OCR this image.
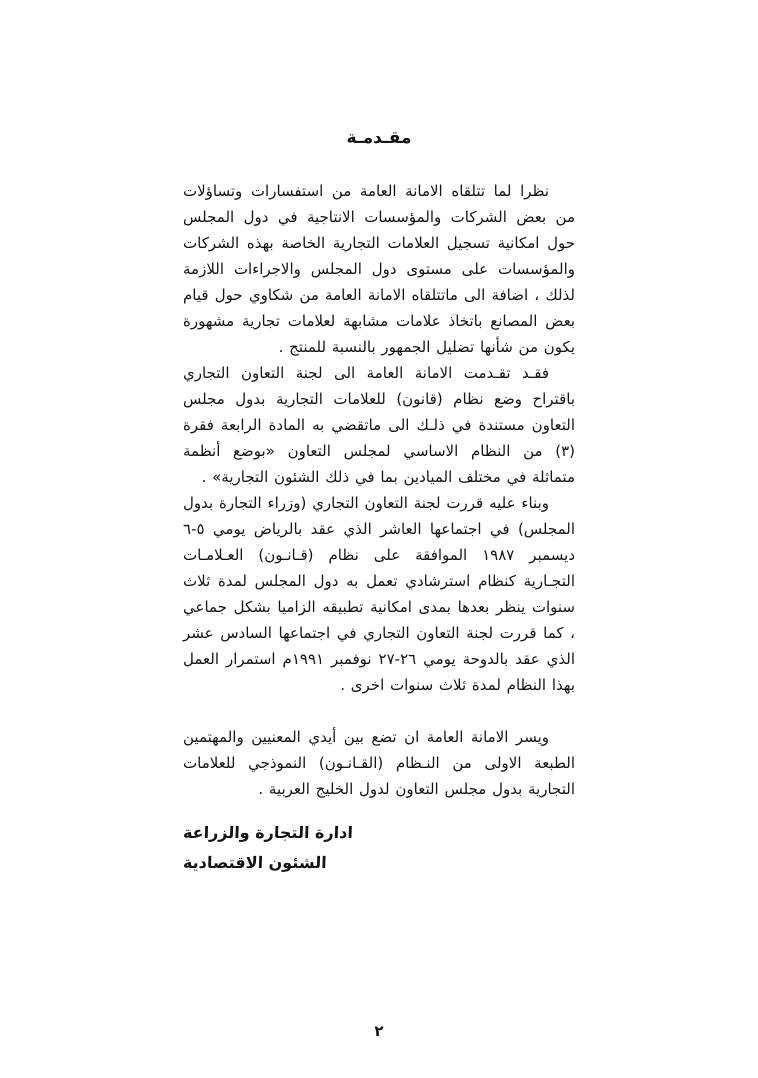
مقـدمـة

نظرا لما تتلقاه الامانة العامة من استفسارات وتساؤلات من بعض الشركات والمؤسسات الانتاجية في دول المجلس حول امكانية تسجيل العلامات التجارية الخاصة بهذه الشركات والمؤسسات على مستوى دول المجلس والاجراءات اللازمة لذلك ، اضافة الى ماتتلقاه الامانة العامة من شكاوي حول قيام بعض المصانع باتخاذ علامات مشابهة لعلامات تجارية مشهورة يكون من شأنها تضليل الجمهور بالنسبة للمنتج .

فقـد تقـدمت الامانة العامة الى لجنة التعاون التجاري باقتراح وضع نظام (قانون) للعلامات التجارية بدول مجلس التعاون مستندة في ذلـك الى ماتقضي به المادة الرابعة فقرة (٣) من النظام الاساسي لمجلس التعاون «بوضع أنظمة متماثلة في مختلف الميادين بما في ذلك الشئون التجارية» .

وبناء عليه قررت لجنة التعاون التجاري (وزراء التجارة بدول المجلس) في اجتماعها العاشر الذي عقد بالرياض يومي ٥-٦ ديسمبر ١٩٨٧ الموافقة على نظام (قـانـون) العـلامـات التجـارية كنظام استرشادي تعمل به دول المجلس لمدة ثلاث سنوات ينظر بعدها بمدى امكانية تطبيقه الزاميا بشكل جماعي ، كما قررت لجنة التعاون التجاري في اجتماعها السادس عشر الذي عقد بالدوحة يومي ٢٦-٢٧ نوفمبر ١٩٩١م استمرار العمل بهذا النظام لمدة ثلاث سنوات اخرى .

ويسر الامانة العامة ان تضع بين أيدي المعنيين والمهتمين الطبعة الاولى من النـظام (القـانـون) النموذجي للعلامات التجارية بدول مجلس التعاون لدول الخليج العربية .

ادارة التجارة والزراعة
الشئون الاقتصادية
٢
